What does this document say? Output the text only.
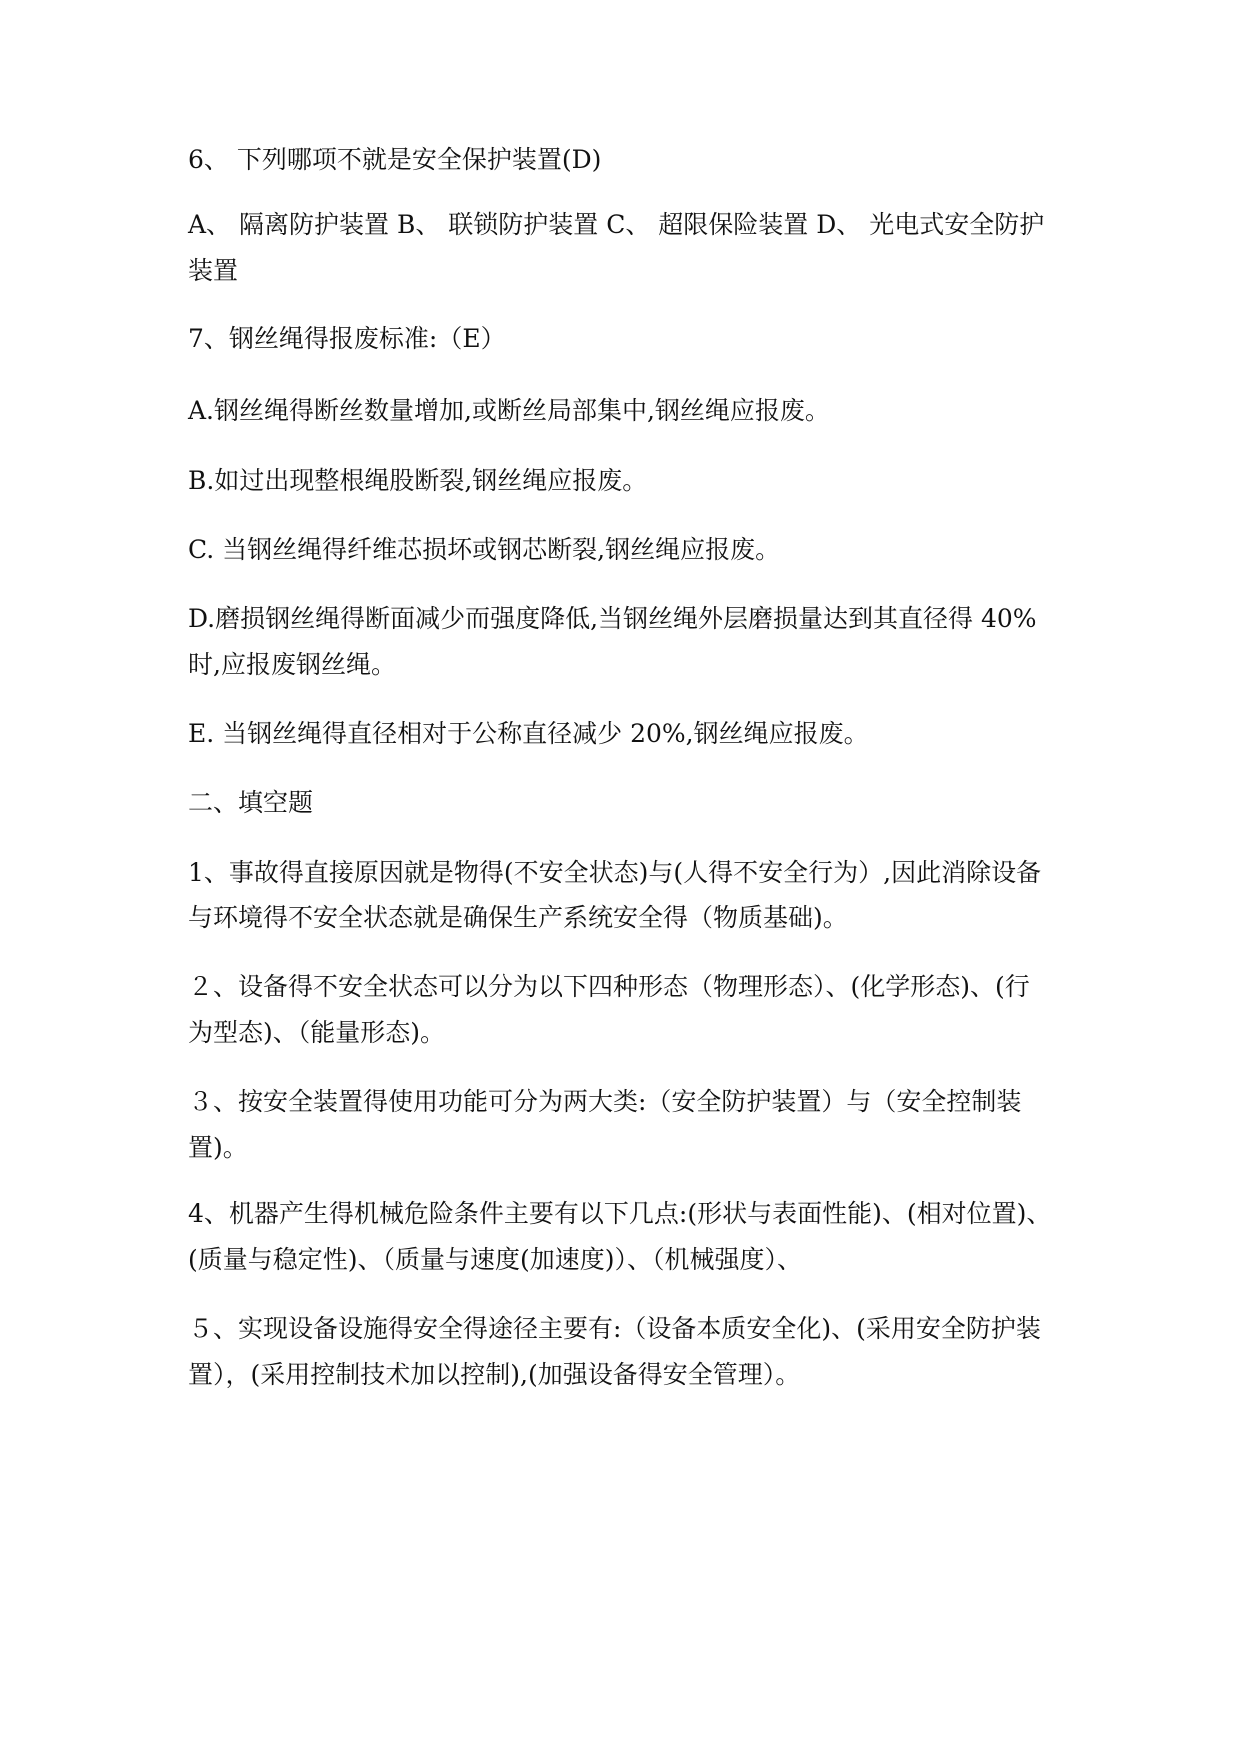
6、 下列哪项不就是安全保护装置(D)
A、 隔离防护装置 B、 联锁防护装置 C、 超限保险装置 D、 光电式安全防护
装置
7、钢丝绳得报废标准:（E）
A.钢丝绳得断丝数量增加,或断丝局部集中,钢丝绳应报废。
B.如过出现整根绳股断裂,钢丝绳应报废。
C. 当钢丝绳得纤维芯损坏或钢芯断裂,钢丝绳应报废。
D.磨损钢丝绳得断面减少而强度降低,当钢丝绳外层磨损量达到其直径得 40%
时,应报废钢丝绳。
E. 当钢丝绳得直径相对于公称直径减少 20%,钢丝绳应报废。
二、填空题
1、事故得直接原因就是物得(不安全状态)与(人得不安全行为）,因此消除设备
与环境得不安全状态就是确保生产系统安全得（物质基础)。
２、设备得不安全状态可以分为以下四种形态（物理形态）、(化学形态)、(行
为型态)、（能量形态)。
３、按安全装置得使用功能可分为两大类:（安全防护装置）与（安全控制装
置)。
4、机器产生得机械危险条件主要有以下几点:(形状与表面性能)、(相对位置)、
(质量与稳定性)、（质量与速度(加速度)）、（机械强度）、
５、实现设备设施得安全得途径主要有:（设备本质安全化)、(采用安全防护装
置），(采用控制技术加以控制),(加强设备得安全管理）。
